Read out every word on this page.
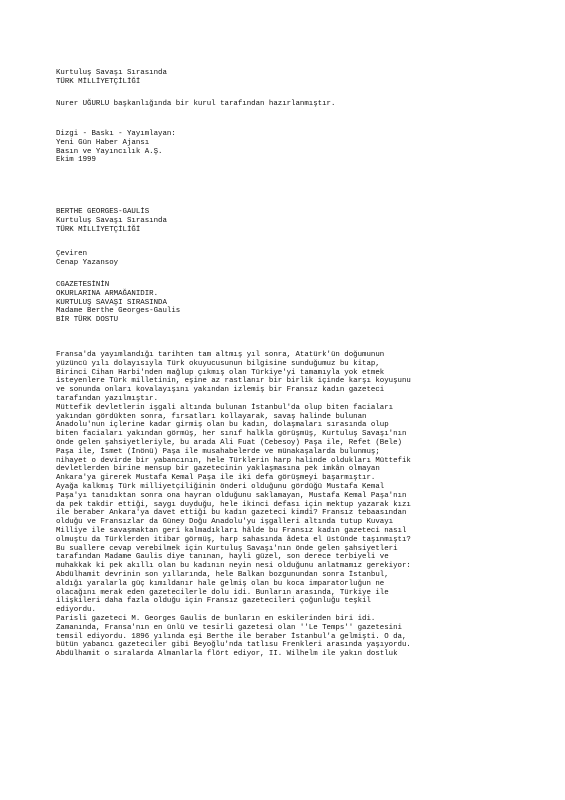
Kurtuluş Savaşı Sırasında
TÜRK MİLLİYETÇİLİĞİ
Nurer UĞURLU başkanlığında bir kurul tarafından hazırlanmıştır.
Dizgi - Baskı - Yayımlayan:
Yeni Gün Haber Ajansı
Basın ve Yayıncılık A.Ş.
Ekim 1999
BERTHE GEORGES-GAULİS
Kurtuluş Savaşı Sırasında
TÜRK MİLLİYETÇİLİĞİ
Çeviren
Cenap Yazansoy
CGAZETESİNİN
OKURLARINA ARMAĞANIDIR.
KURTULUŞ SAVAŞI SIRASINDA
Madame Berthe Georges-Gaulis
BİR TÜRK DOSTU
Fransa'da yayımlandığı tarihten tam altmış yıl sonra, Atatürk'ün doğumunun
yüzüncü yılı dolayısıyla Türk okuyucusunun bilgisine sunduğumuz bu kitap,
Birinci Cihan Harbi'nden mağlup çıkmış olan Türkiye'yi tamamıyla yok etmek
isteyenlere Türk milletinin, eşine az rastlanır bir birlik içinde karşı koyuşunu
ve sonunda onları kovalayışını yakından izlemiş bir Fransız kadın gazeteci
tarafından yazılmıştır.
Müttefik devletlerin işgali altında bulunan İstanbul'da olup biten faciaları
yakından gördükten sonra, fırsatları kollayarak, savaş halinde bulunan
Anadolu'nun içlerine kadar girmiş olan bu kadın, dolaşmaları sırasında olup
biten faciaları yakından görmüş, her sınıf halkla görüşmüş, Kurtuluş Savaşı'nın
önde gelen şahsiyetleriyle, bu arada Ali Fuat (Cebesoy) Paşa ile, Refet (Bele)
Paşa ile, İsmet (İnönü) Paşa ile musahabelerde ve münakaşalarda bulunmuş;
nihayet o devirde bir yabancının, hele Türklerin harp halinde oldukları Müttefik
devletlerden birine mensup bir gazetecinin yaklaşmasına pek imkân olmayan
Ankara'ya girerek Mustafa Kemal Paşa ile iki defa görüşmeyi başarmıştır.
Ayağa kalkmış Türk milliyetçiliğinin önderi olduğunu gördüğü Mustafa Kemal
Paşa'yı tanıdıktan sonra ona hayran olduğunu saklamayan, Mustafa Kemal Paşa'nın
da pek takdir ettiği, saygı duyduğu, hele ikinci defası için mektup yazarak kızı
ile beraber Ankara'ya davet ettiği bu kadın gazeteci kimdi? Fransız tebaasından
olduğu ve Fransızlar da Güney Doğu Anadolu'yu işgalleri altında tutup Kuvayı
Milliye ile savaşmaktan geri kalmadıkları hâlde bu Fransız kadın gazeteci nasıl
olmuştu da Türklerden itibar görmüş, harp sahasında âdeta el üstünde taşınmıştı?
Bu suallere cevap verebilmek için Kurtuluş Savaşı'nın önde gelen şahsiyetleri
tarafından Madame Gaulis diye tanınan, hayli güzel, son derece terbiyeli ve
muhakkak ki pek akıllı olan bu kadının neyin nesi olduğunu anlatmamız gerekiyor:
Abdülhamit devrinin son yıllarında, hele Balkan bozgunundan sonra İstanbul,
aldığı yaralarla güç kımıldanır hale gelmiş olan bu koca imparatorluğun ne
olacağını merak eden gazetecilerle dolu idi. Bunların arasında, Türkiye ile
ilişkileri daha fazla olduğu için Fransız gazetecileri çoğunluğu teşkil
ediyordu.
Parisli gazeteci M. Georges Gaulis de bunların en eskilerinden biri idi.
Zamanında, Fransa'nın en ünlü ve tesirli gazetesi olan ''Le Temps'' gazetesini
temsil ediyordu. 1896 yılında eşi Berthe ile beraber İstanbul'a gelmişti. O da,
bütün yabancı gazeteciler gibi Beyoğlu'nda tatlısu Frenkleri arasında yaşıyordu.
Abdülhamit o sıralarda Almanlarla flört ediyor, II. Wilhelm ile yakın dostluk
